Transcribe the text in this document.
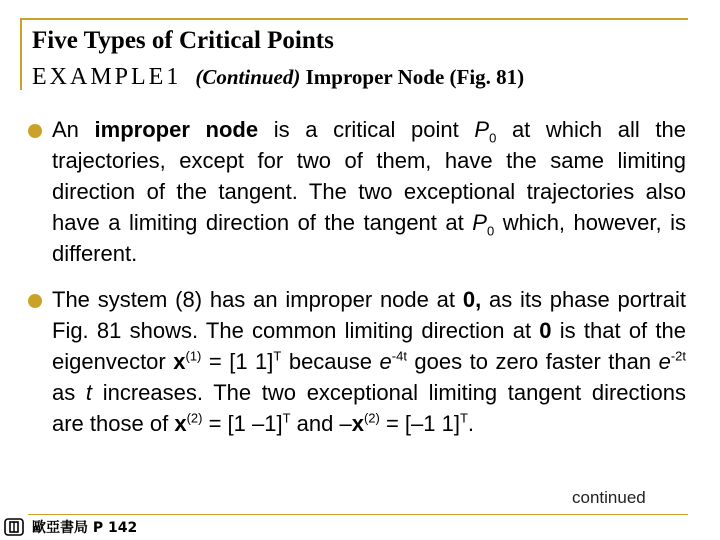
Five Types of Critical Points
EXAMPLE1 (Continued) Improper Node (Fig. 81)
An improper node is a critical point $P_0$ at which all the trajectories, except for two of them, have the same limiting direction of the tangent. The two exceptional trajectories also have a limiting direction of the tangent at $P_0$ which, however, is different.
The system (8) has an improper node at 0, as its phase portrait Fig. 81 shows. The common limiting direction at 0 is that of the eigenvector $x^{(1)} = [1$ 1]$^T$ because $e^{-4t}$ goes to zero faster than $e^{-2t}$ as t increases. The two exceptional limiting tangent directions are those of $x^{(2)} = [1$ –1]$^T$ and $-x^{(2)} = [-1$ 1]$^T$.
continued
歐亞書局 P 142
